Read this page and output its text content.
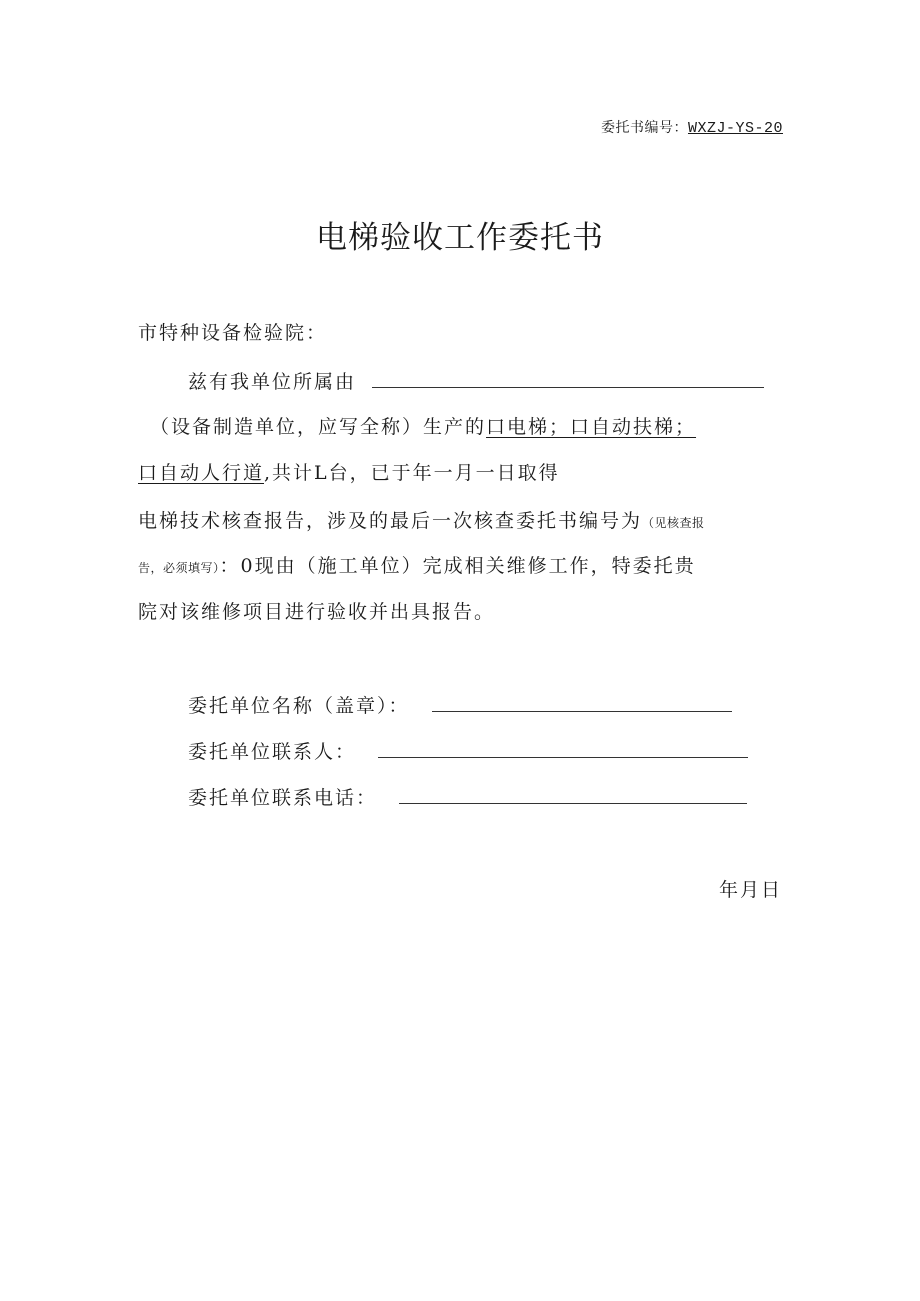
委托书编号：WXZJ-YS-20
电梯验收工作委托书
市特种设备检验院：
兹有我单位所属由
（设备制造单位，应写全称）生产的口电梯；口自动扶梯；
口自动人行道,共计L台，已于年一月一日取得
电梯技术核查报告，涉及的最后一次核查委托书编号为（见核查报
告，必须填写）：0现由（施工单位）完成相关维修工作，特委托贵
院对该维修项目进行验收并出具报告。
委托单位名称（盖章）：
委托单位联系人：
委托单位联系电话：
年月日
